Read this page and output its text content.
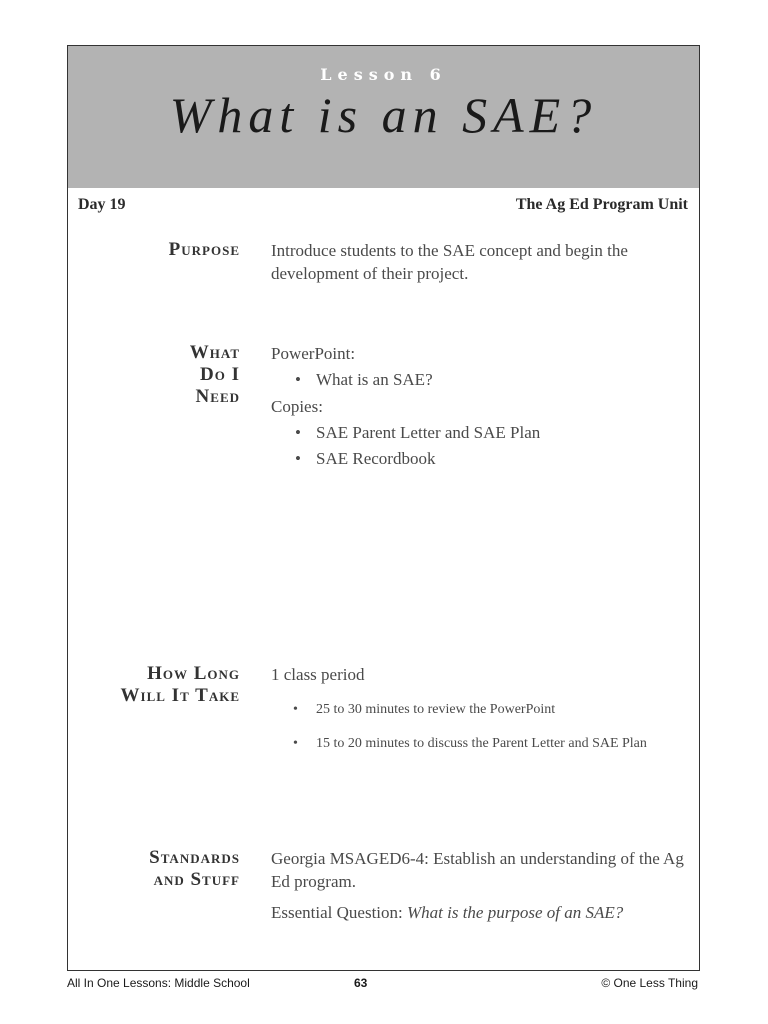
Lesson 6
What is an SAE?
Day 19	The Ag Ed Program Unit
Purpose Introduce students to the SAE concept and begin the development of their project.

What
Do I
Need

PowerPoint:

• What is an SAE?

Copies:

• SAE Parent Letter and SAE Plan
• SAE Recordbook
How Long
Will It Take

1 class period

• 25 to 30 minutes to review the PowerPoint
• 15 to 20 minutes to discuss the Parent Letter and SAE Plan
Standards
and Stuff

Georgia MSAGED6-4: Establish an understanding of the Ag Ed program.

Essential Question: What is the purpose of an SAE?

All In One Lessons: Middle School	63	© One Less Thing
